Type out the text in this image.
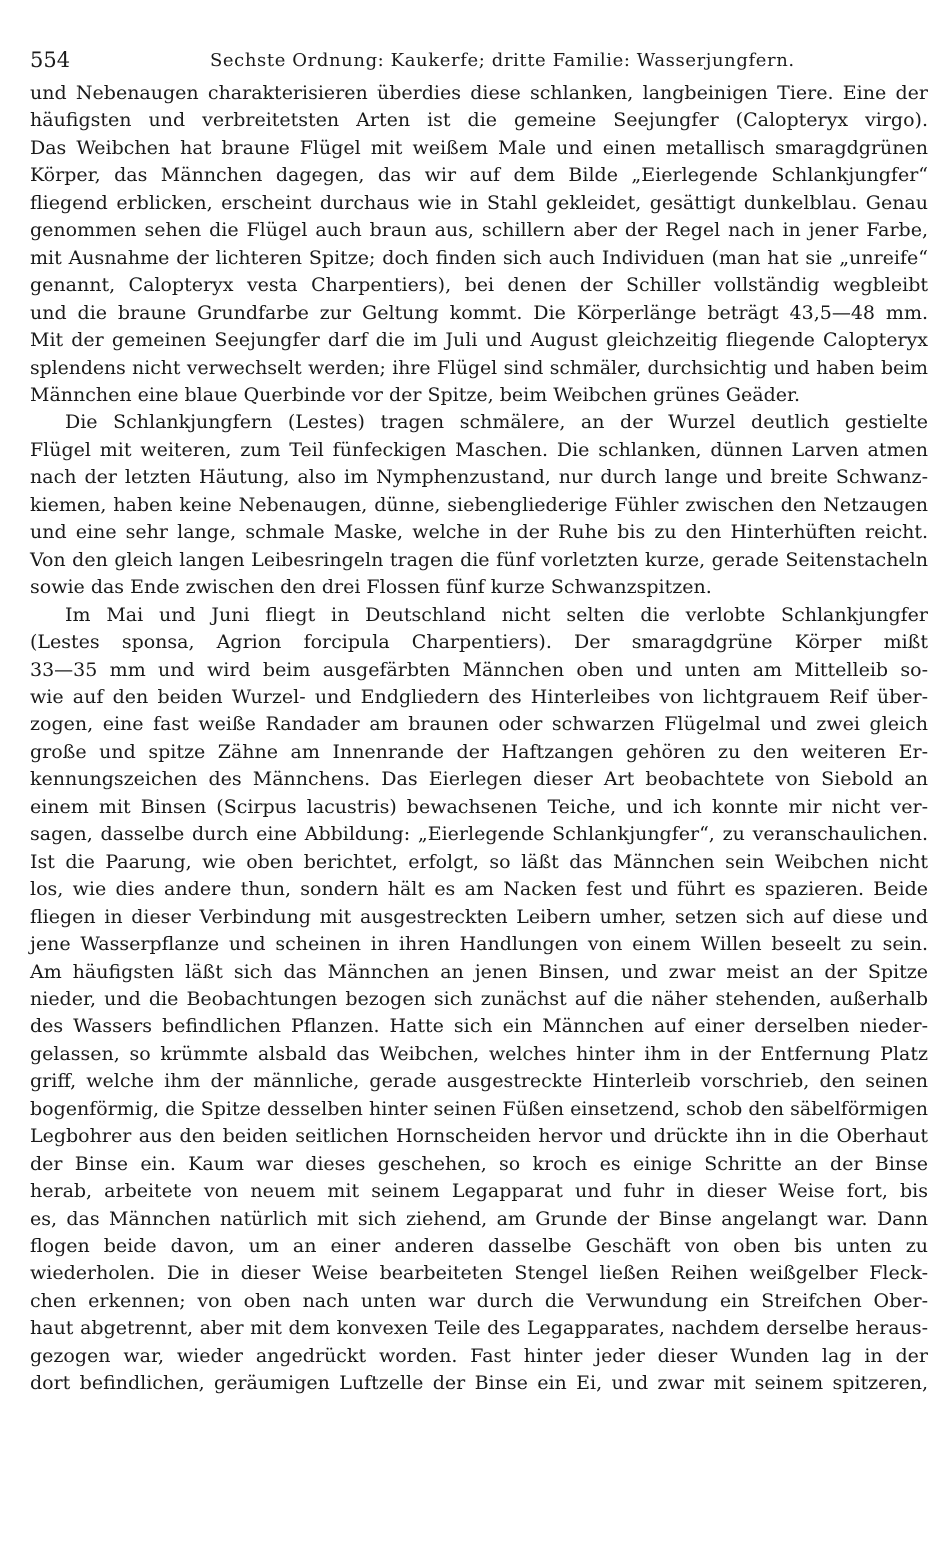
554	Sechste Ordnung: Kaukerfe; dritte Familie: Wasserjungfern.
und Nebenaugen charakterisieren überdies diese schlanken, langbeinigen Tiere. Eine der
häufigsten und verbreitetsten Arten ist die gemeine Seejungfer (Calopteryx virgo).
Das Weibchen hat braune Flügel mit weißem Male und einen metallisch smaragdgrünen
Körper, das Männchen dagegen, das wir auf dem Bilde „Eierlegende Schlankjungfer“
fliegend erblicken, erscheint durchaus wie in Stahl gekleidet, gesättigt dunkelblau. Genau
genommen sehen die Flügel auch braun aus, schillern aber der Regel nach in jener Farbe,
mit Ausnahme der lichteren Spitze; doch finden sich auch Individuen (man hat sie „unreife“
genannt, Calopteryx vesta Charpentiers), bei denen der Schiller vollständig wegbleibt
und die braune Grundfarbe zur Geltung kommt. Die Körperlänge beträgt 43,5—48 mm.
Mit der gemeinen Seejungfer darf die im Juli und August gleichzeitig fliegende Calopteryx
splendens nicht verwechselt werden; ihre Flügel sind schmäler, durchsichtig und haben beim
Männchen eine blaue Querbinde vor der Spitze, beim Weibchen grünes Geäder.
Die Schlankjungfern (Lestes) tragen schmälere, an der Wurzel deutlich gestielte
Flügel mit weiteren, zum Teil fünfeckigen Maschen. Die schlanken, dünnen Larven atmen
nach der letzten Häutung, also im Nymphenzustand, nur durch lange und breite Schwanz-
kiemen, haben keine Nebenaugen, dünne, siebengliederige Fühler zwischen den Netzaugen
und eine sehr lange, schmale Maske, welche in der Ruhe bis zu den Hinterhüften reicht.
Von den gleich langen Leibesringeln tragen die fünf vorletzten kurze, gerade Seitenstacheln
sowie das Ende zwischen den drei Flossen fünf kurze Schwanzspitzen.
Im Mai und Juni fliegt in Deutschland nicht selten die verlobte Schlankjungfer
(Lestes sponsa, Agrion forcipula Charpentiers). Der smaragdgrüne Körper mißt
33—35 mm und wird beim ausgefärbten Männchen oben und unten am Mittelleib so-
wie auf den beiden Wurzel- und Endgliedern des Hinterleibes von lichtgrauem Reif über-
zogen, eine fast weiße Randader am braunen oder schwarzen Flügelmal und zwei gleich
große und spitze Zähne am Innenrande der Haftzangen gehören zu den weiteren Er-
kennungszeichen des Männchens. Das Eierlegen dieser Art beobachtete von Siebold an
einem mit Binsen (Scirpus lacustris) bewachsenen Teiche, und ich konnte mir nicht ver-
sagen, dasselbe durch eine Abbildung: „Eierlegende Schlankjungfer“, zu veranschaulichen.
Ist die Paarung, wie oben berichtet, erfolgt, so läßt das Männchen sein Weibchen nicht
los, wie dies andere thun, sondern hält es am Nacken fest und führt es spazieren. Beide
fliegen in dieser Verbindung mit ausgestreckten Leibern umher, setzen sich auf diese und
jene Wasserpflanze und scheinen in ihren Handlungen von einem Willen beseelt zu sein.
Am häufigsten läßt sich das Männchen an jenen Binsen, und zwar meist an der Spitze
nieder, und die Beobachtungen bezogen sich zunächst auf die näher stehenden, außerhalb
des Wassers befindlichen Pflanzen. Hatte sich ein Männchen auf einer derselben nieder-
gelassen, so krümmte alsbald das Weibchen, welches hinter ihm in der Entfernung Platz
griff, welche ihm der männliche, gerade ausgestreckte Hinterleib vorschrieb, den seinen
bogenförmig, die Spitze desselben hinter seinen Füßen einsetzend, schob den säbelförmigen
Legbohrer aus den beiden seitlichen Hornscheiden hervor und drückte ihn in die Oberhaut
der Binse ein. Kaum war dieses geschehen, so kroch es einige Schritte an der Binse
herab, arbeitete von neuem mit seinem Legapparat und fuhr in dieser Weise fort, bis
es, das Männchen natürlich mit sich ziehend, am Grunde der Binse angelangt war. Dann
flogen beide davon, um an einer anderen dasselbe Geschäft von oben bis unten zu
wiederholen. Die in dieser Weise bearbeiteten Stengel ließen Reihen weißgelber Fleck-
chen erkennen; von oben nach unten war durch die Verwundung ein Streifchen Ober-
haut abgetrennt, aber mit dem konvexen Teile des Legapparates, nachdem derselbe heraus-
gezogen war, wieder angedrückt worden. Fast hinter jeder dieser Wunden lag in der
dort befindlichen, geräumigen Luftzelle der Binse ein Ei, und zwar mit seinem spitzeren,
